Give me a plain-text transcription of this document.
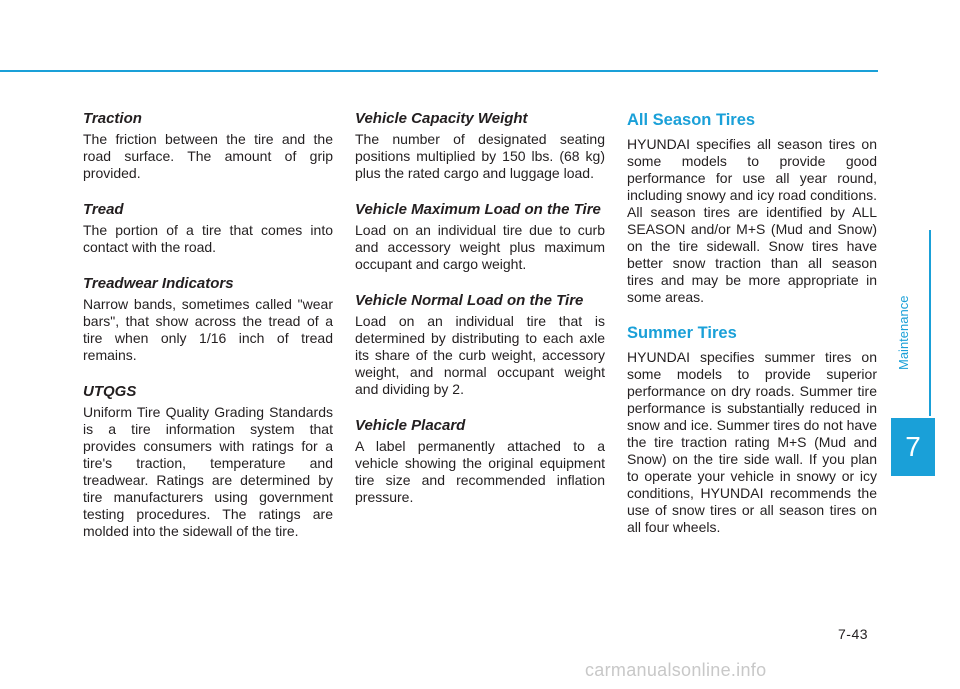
Traction
The friction between the tire and the road surface. The amount of grip provided.
Tread
The portion of a tire that comes into contact with the road.
Treadwear Indicators
Narrow bands, sometimes called "wear bars", that show across the tread of a tire when only 1/16 inch of tread remains.
UTQGS
Uniform Tire Quality Grading Standards is a tire information system that provides consumers with ratings for a tire's traction, temperature and treadwear. Ratings are determined by tire manufacturers using government testing procedures. The ratings are molded into the sidewall of the tire.
Vehicle Capacity Weight
The number of designated seating positions multiplied by 150 lbs. (68 kg) plus the rated cargo and luggage load.
Vehicle Maximum Load on the Tire
Load on an individual tire due to curb and accessory weight plus maximum occupant and cargo weight.
Vehicle Normal Load on the Tire
Load on an individual tire that is determined by distributing to each axle its share of the curb weight, accessory weight, and normal occupant weight and dividing by 2.
Vehicle Placard
A label permanently attached to a vehicle showing the original equipment tire size and recommended inflation pressure.
All Season Tires
HYUNDAI specifies all season tires on some models to provide good performance for use all year round, including snowy and icy road conditions. All season tires are identified by ALL SEASON and/or M+S (Mud and Snow) on the tire sidewall. Snow tires have better snow traction than all season tires and may be more appropriate in some areas.
Summer Tires
HYUNDAI specifies summer tires on some models to provide superior performance on dry roads. Summer tire performance is substantially reduced in snow and ice. Summer tires do not have the tire traction rating M+S (Mud and Snow) on the tire side wall. If you plan to operate your vehicle in snowy or icy conditions, HYUNDAI recommends the use of snow tires or all season tires on all four wheels.
Maintenance
7
7-43
carmanualsonline.info
